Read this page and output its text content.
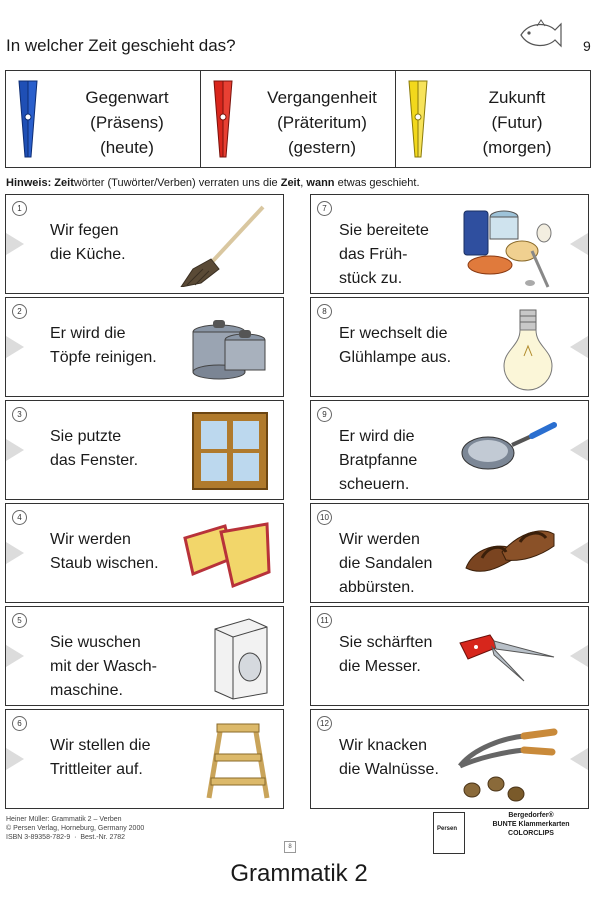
In welcher Zeit geschieht das?	9
Gegenwart
(Präsens)
(heute)
Vergangenheit
(Präteritum)
(gestern)
Zukunft
(Futur)
(morgen)
Hinweis: Zeitwörter (Tuwörter/Verben) verraten uns die Zeit, wann etwas geschieht.
1
Wir fegen
die Küche.
2
Er wird die
Töpfe reinigen.
3
Sie putzte
das Fenster.
4
Wir werden
Staub wischen.
5
Sie wuschen
mit der Wasch-
maschine.
6
Wir stellen die
Trittleiter auf.
7
Sie bereitete
das Früh-
stück zu.
8
Er wechselt die
Glühlampe aus.
9
Er wird die
Bratpfanne
scheuern.
10
Wir werden
die Sandalen
abbürsten.
11
Sie schärften
die Messer.
12
Wir knacken
die Walnüsse.
Heiner Müller: Grammatik 2 – Verben
© Persen Verlag, Horneburg, Germany 2000
ISBN 3-89358-782-9  ·  Best.-Nr. 2782
8
Persen
Bergedorfer®
BUNTE Klammerkarten
COLORCLIPS
Grammatik 2
